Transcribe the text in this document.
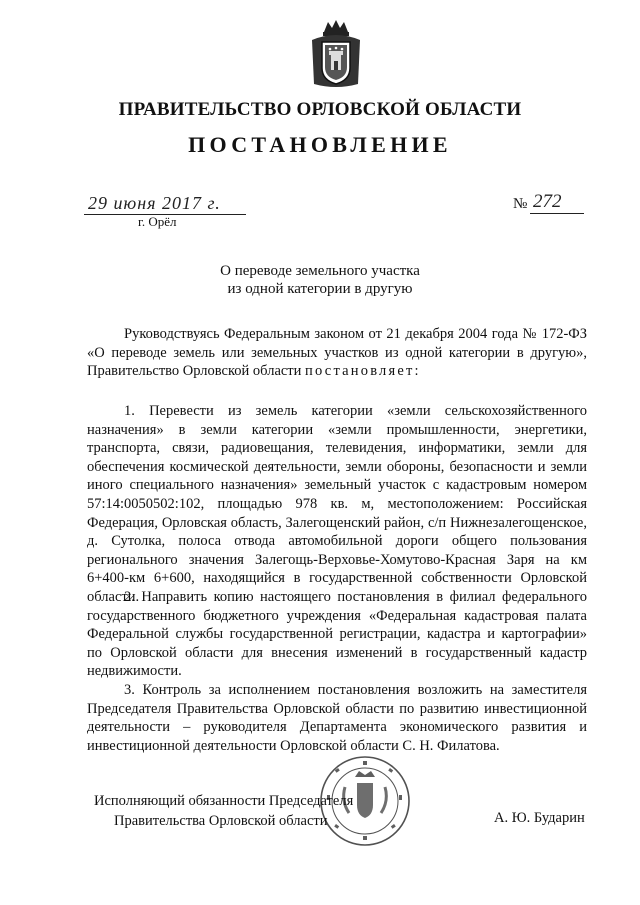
ПРАВИТЕЛЬСТВО ОРЛОВСКОЙ ОБЛАСТИ
ПОСТАНОВЛЕНИЕ
29 июня 2017 г.
г. Орёл
№ 272
О переводе земельного участка
из одной категории в другую
Руководствуясь Федеральным законом от 21 декабря 2004 года № 172-ФЗ «О переводе земель или земельных участков из одной категории в другую», Правительство Орловской области постановляет:
1. Перевести из земель категории «земли сельскохозяйственного назначения» в земли категории «земли промышленности, энергетики, транспорта, связи, радиовещания, телевидения, информатики, земли для обеспечения космической деятельности, земли обороны, безопасности и земли иного специального назначения» земельный участок с кадастровым номером 57:14:0050502:102, площадью 978 кв. м, местоположением: Российская Федерация, Орловская область, Залегощенский район, с/п Нижнезалегощенское, д. Сутолка, полоса отвода автомобильной дороги общего пользования регионального значения Залегощь-Верховье-Хомутово-Красная Заря на км 6+400-км 6+600, находящийся в государственной собственности Орловской области.
2. Направить копию настоящего постановления в филиал федерального государственного бюджетного учреждения «Федеральная кадастровая палата Федеральной службы государственной регистрации, кадастра и картографии» по Орловской области для внесения изменений в государственный кадастр недвижимости.
3. Контроль за исполнением постановления возложить на заместителя Председателя Правительства Орловской области по развитию инвестиционной деятельности – руководителя Департамента экономического развития и инвестиционной деятельности Орловской области С. Н. Филатова.
Исполняющий обязанности Председателя
Правительства Орловской области	А. Ю. Бударин
